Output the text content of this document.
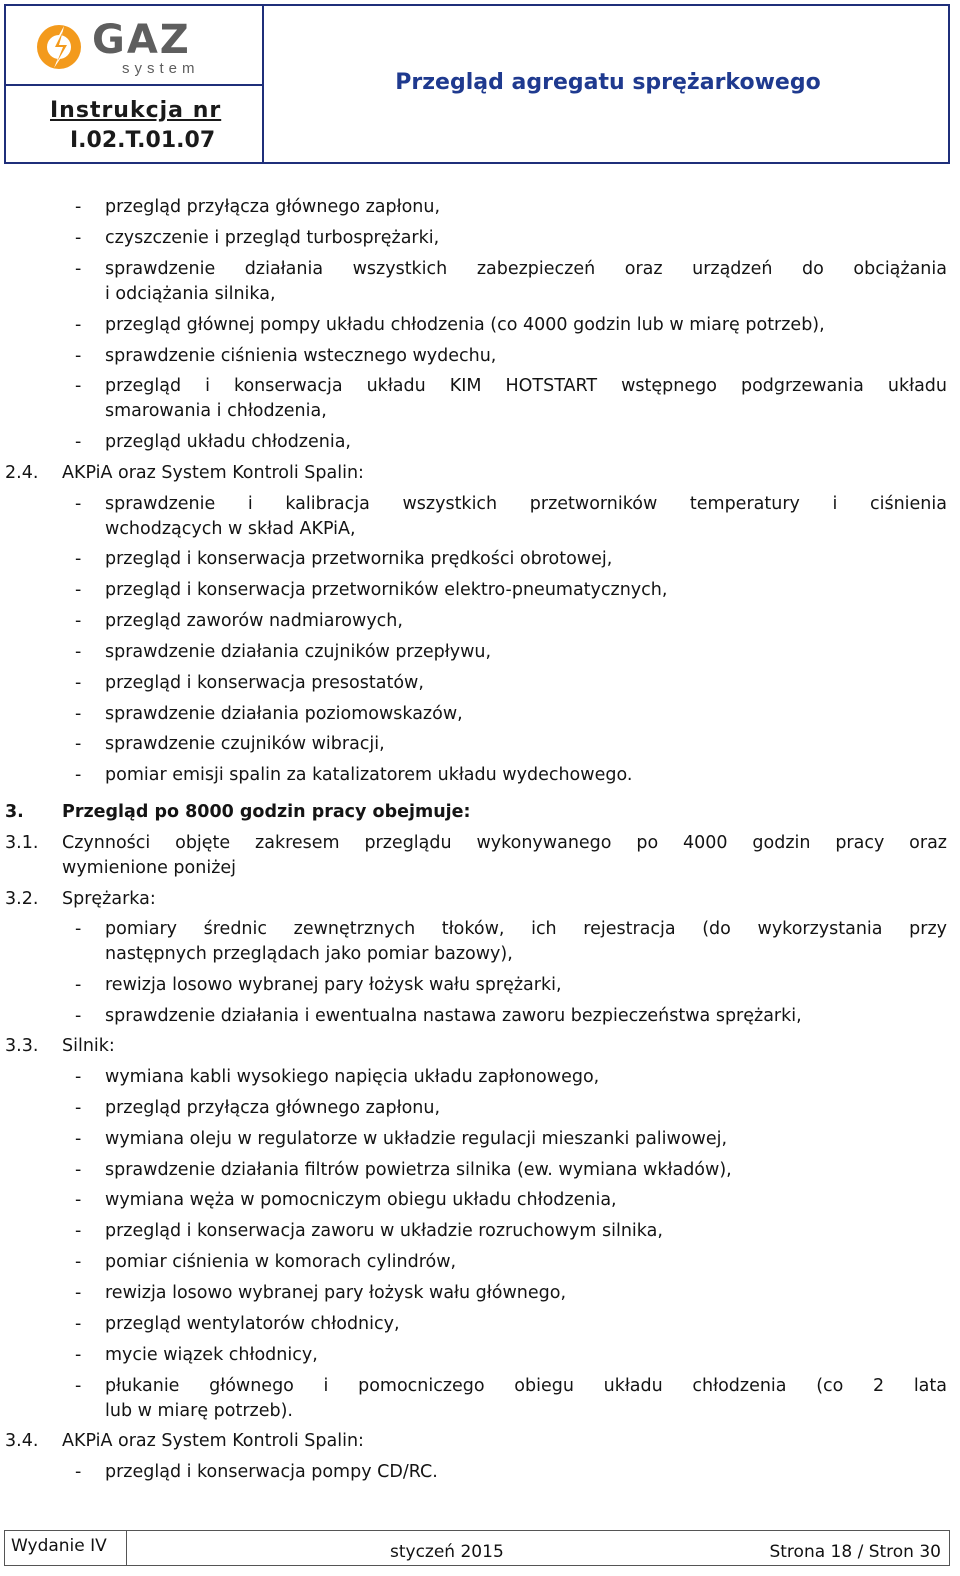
GAZ
system
Instrukcja nr
I.02.T.01.07
Przegląd agregatu sprężarkowego
- przegląd przyłącza głównego zapłonu,
- czyszczenie i przegląd turbosprężarki,
- sprawdzenie działania wszystkich zabezpieczeń oraz urządzeń do obciążania
i odciążania silnika,
- przegląd głównej pompy układu chłodzenia (co 4000 godzin lub w miarę potrzeb),
- sprawdzenie ciśnienia wstecznego wydechu,
- przegląd i konserwacja układu KIM HOTSTART wstępnego podgrzewania układu
smarowania i chłodzenia,
- przegląd układu chłodzenia,
2.4. AKPiA oraz System Kontroli Spalin:
- sprawdzenie i kalibracja wszystkich przetworników temperatury i ciśnienia
wchodzących w skład AKPiA,
- przegląd i konserwacja przetwornika prędkości obrotowej,
- przegląd i konserwacja przetworników elektro-pneumatycznych,
- przegląd zaworów nadmiarowych,
- sprawdzenie działania czujników przepływu,
- przegląd i konserwacja presostatów,
- sprawdzenie działania poziomowskazów,
- sprawdzenie czujników wibracji,
- pomiar emisji spalin za katalizatorem układu wydechowego.
3. Przegląd po 8000 godzin pracy obejmuje:
3.1. Czynności objęte zakresem przeglądu wykonywanego po 4000 godzin pracy oraz
wymienione poniżej
3.2. Sprężarka:
- pomiary średnic zewnętrznych tłoków, ich rejestracja (do wykorzystania przy
następnych przeglądach jako pomiar bazowy),
- rewizja losowo wybranej pary łożysk wału sprężarki,
- sprawdzenie działania i ewentualna nastawa zaworu bezpieczeństwa sprężarki,
3.3. Silnik:
- wymiana kabli wysokiego napięcia układu zapłonowego,
- przegląd przyłącza głównego zapłonu,
- wymiana oleju w regulatorze w układzie regulacji mieszanki paliwowej,
- sprawdzenie działania filtrów powietrza silnika (ew. wymiana wkładów),
- wymiana węża w pomocniczym obiegu układu chłodzenia,
- przegląd i konserwacja zaworu w układzie rozruchowym silnika,
- pomiar ciśnienia w komorach cylindrów,
- rewizja losowo wybranej pary łożysk wału głównego,
- przegląd wentylatorów chłodnicy,
- mycie wiązek chłodnicy,
- płukanie głównego i pomocniczego obiegu układu chłodzenia (co 2 lata
lub w miarę potrzeb).
3.4. AKPiA oraz System Kontroli Spalin:
- przegląd i konserwacja pompy CD/RC.
Wydanie IV	styczeń 2015	Strona 18 / Stron 30
